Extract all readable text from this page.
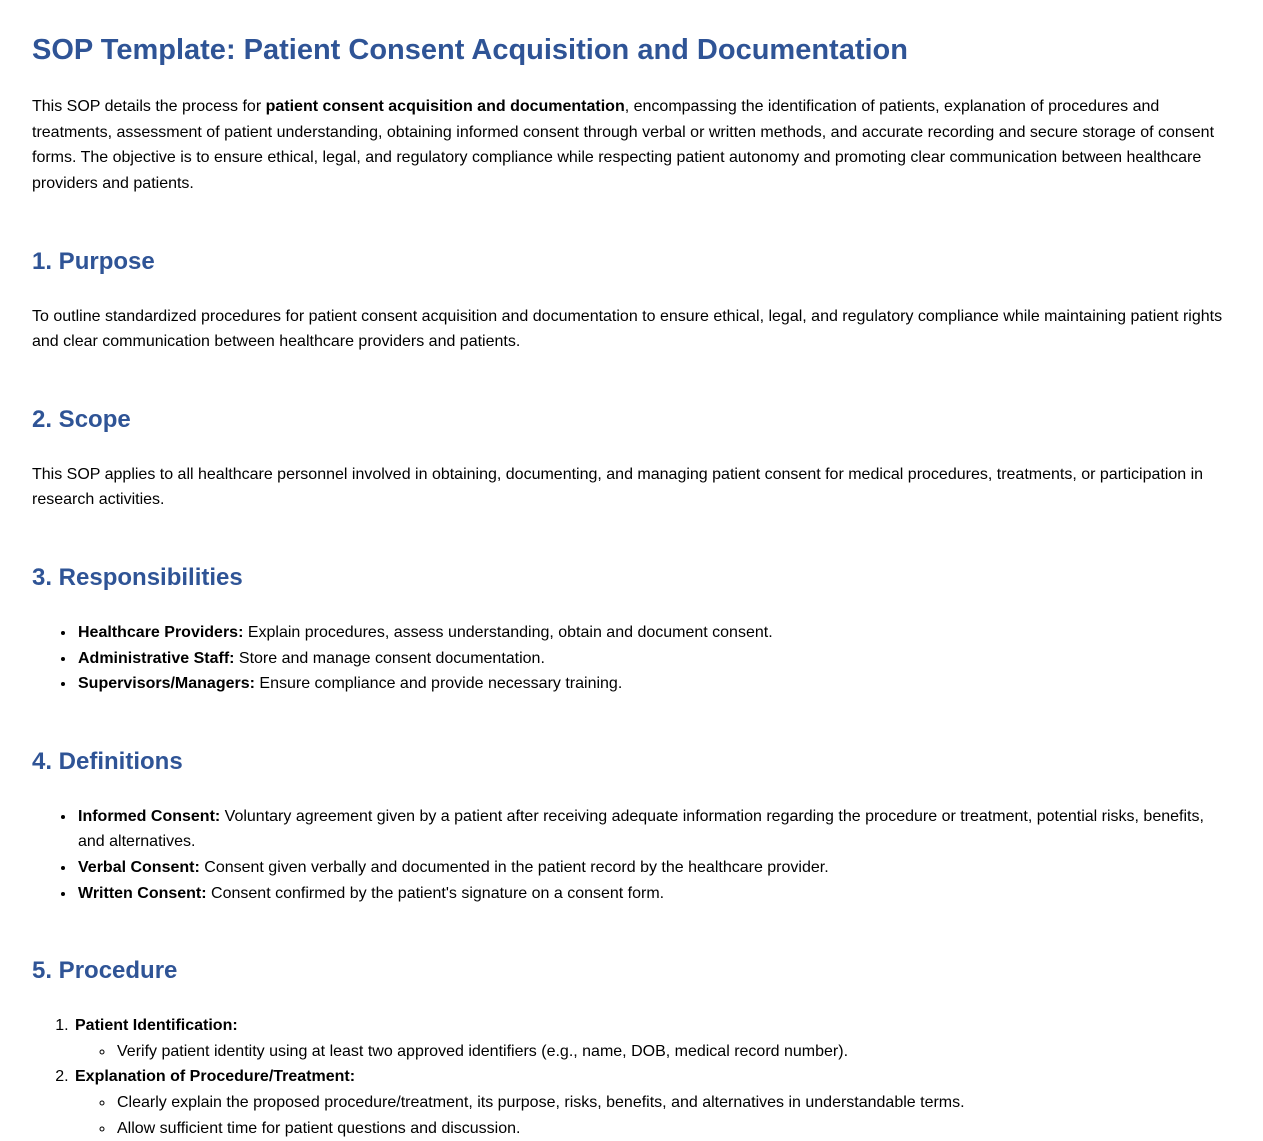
SOP Template: Patient Consent Acquisition and Documentation

This SOP details the process for patient consent acquisition and documentation, encompassing the identification of patients, explanation of procedures and treatments, assessment of patient understanding, obtaining informed consent through verbal or written methods, and accurate recording and secure storage of consent forms. The objective is to ensure ethical, legal, and regulatory compliance while respecting patient autonomy and promoting clear communication between healthcare providers and patients.

1. Purpose

To outline standardized procedures for patient consent acquisition and documentation to ensure ethical, legal, and regulatory compliance while maintaining patient rights and clear communication between healthcare providers and patients.

2. Scope

This SOP applies to all healthcare personnel involved in obtaining, documenting, and managing patient consent for medical procedures, treatments, or participation in research activities.

3. Responsibilities
• Healthcare Providers: Explain procedures, assess understanding, obtain and document consent.
• Administrative Staff: Store and manage consent documentation.
• Supervisors/Managers: Ensure compliance and provide necessary training.
4. Definitions
• Informed Consent: Voluntary agreement given by a patient after receiving adequate information regarding the procedure or treatment, potential risks, benefits, and alternatives.
• Verbal Consent: Consent given verbally and documented in the patient record by the healthcare provider.
• Written Consent: Consent confirmed by the patient's signature on a consent form.
5. Procedure
1. Patient Identification:
◦ Verify patient identity using at least two approved identifiers (e.g., name, DOB, medical record number).
2. Explanation of Procedure/Treatment:
◦ Clearly explain the proposed procedure/treatment, its purpose, risks, benefits, and alternatives in understandable terms.
◦ Allow sufficient time for patient questions and discussion.
